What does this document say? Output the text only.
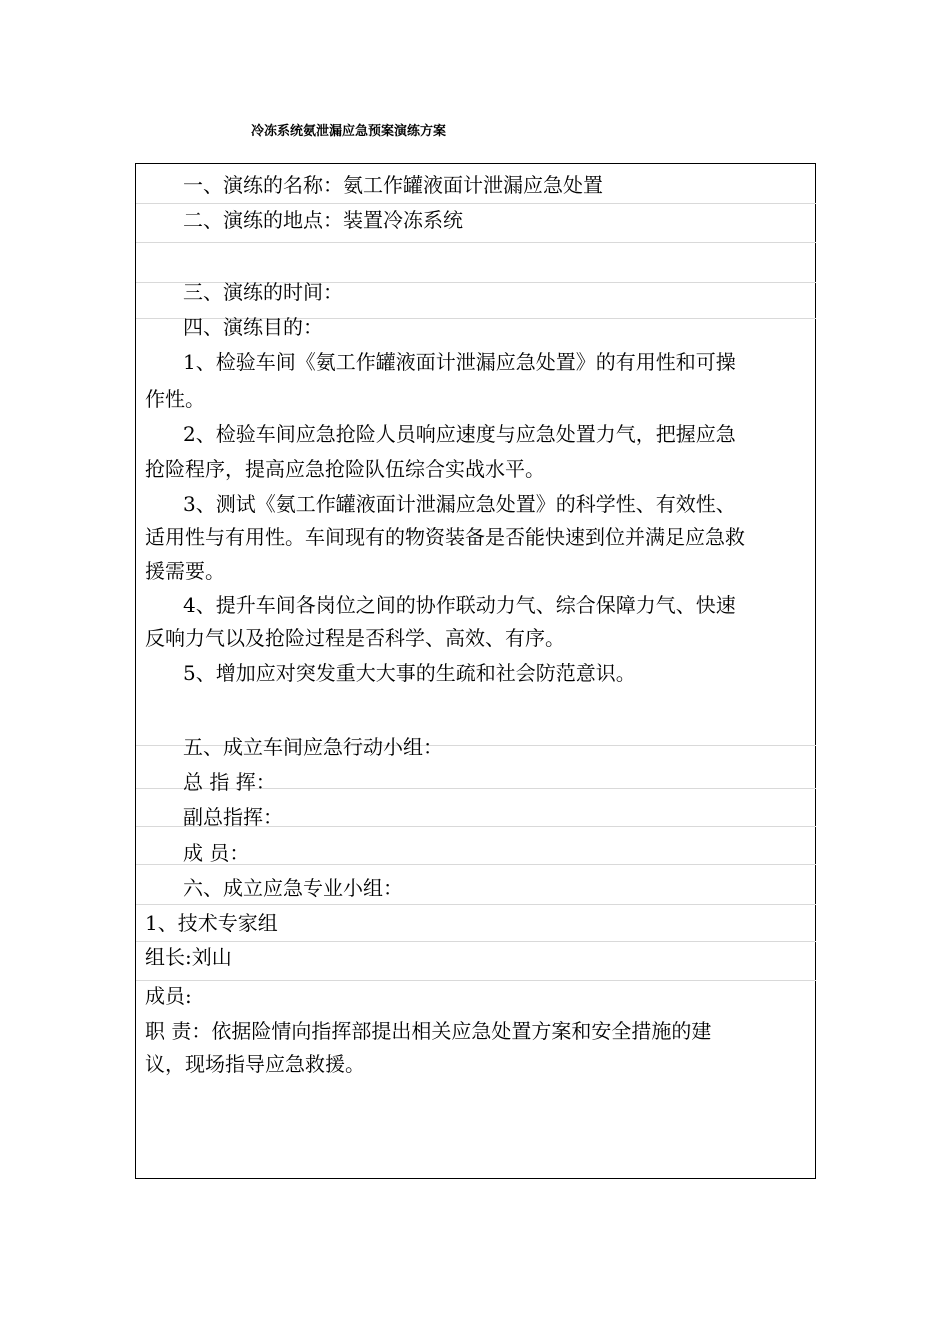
冷冻系统氨泄漏应急预案演练方案
一、演练的名称：氨工作罐液面计泄漏应急处置
二、演练的地点：装置冷冻系统
三、演练的时间：
四、演练目的：
1、检验车间《氨工作罐液面计泄漏应急处置》的有用性和可操
作性。
2、检验车间应急抢险人员响应速度与应急处置力气，把握应急
抢险程序，提高应急抢险队伍综合实战水平。
3、测试《氨工作罐液面计泄漏应急处置》的科学性、有效性、
适用性与有用性。车间现有的物资装备是否能快速到位并满足应急救
援需要。
4、提升车间各岗位之间的协作联动力气、综合保障力气、快速
反响力气以及抢险过程是否科学、高效、有序。
5、增加应对突发重大大事的生疏和社会防范意识。
五、成立车间应急行动小组：
总 指 挥：
副总指挥：
成 员：
六、成立应急专业小组：
1、技术专家组
组长:刘山
成员:
职 责：依据险情向指挥部提出相关应急处置方案和安全措施的建
议，现场指导应急救援。
